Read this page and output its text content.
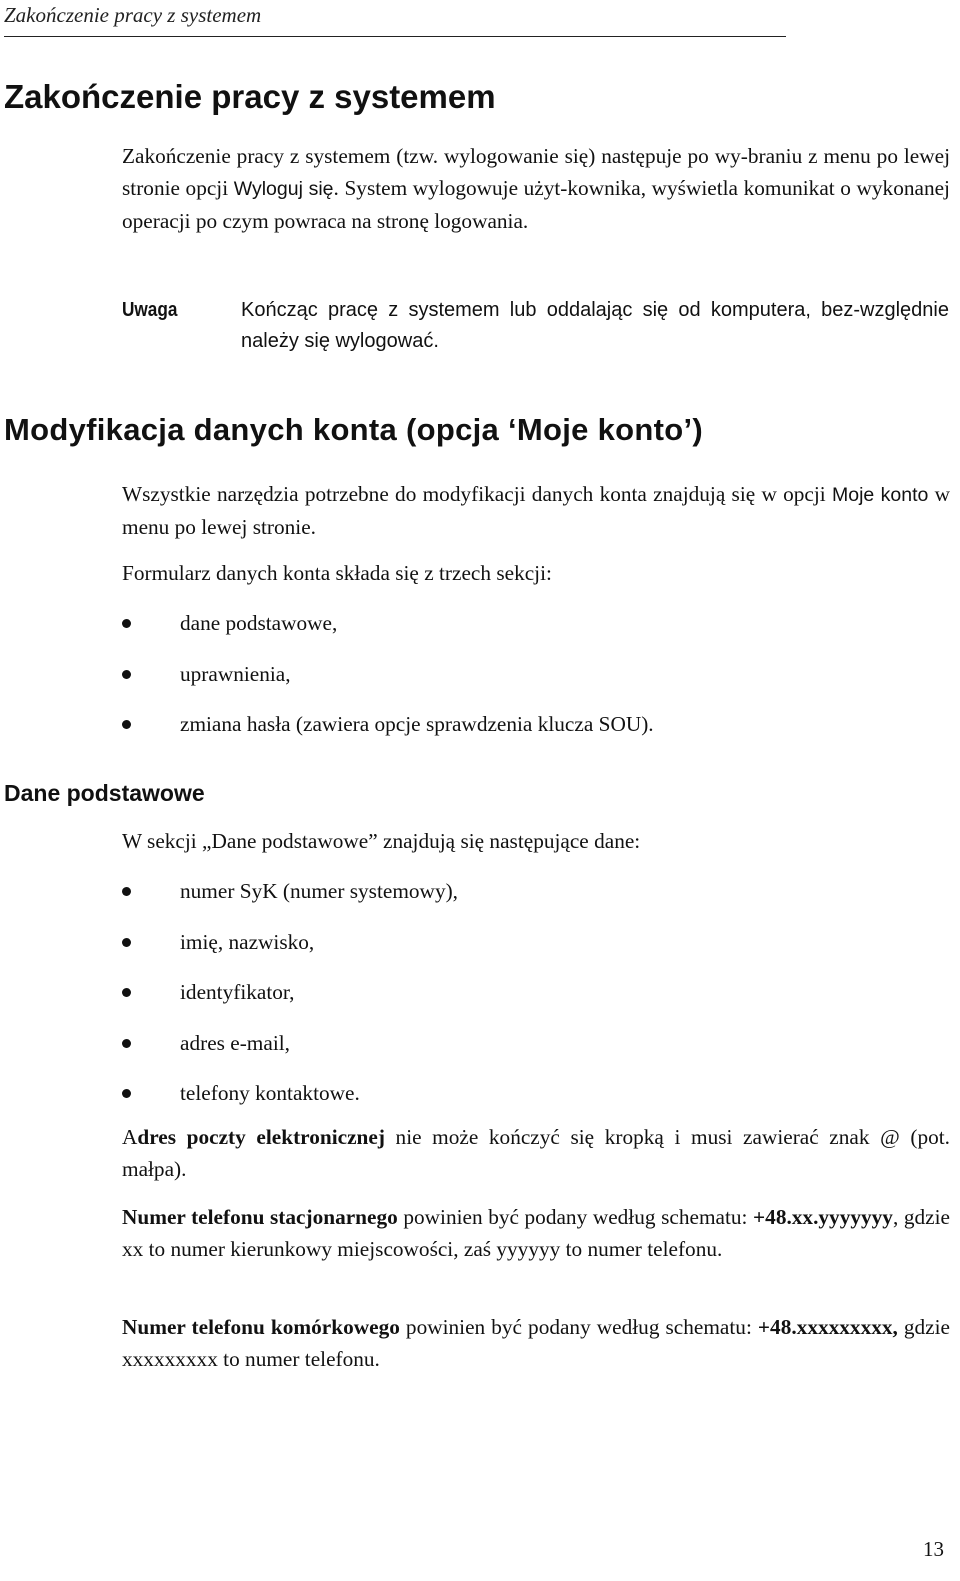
Zakończenie pracy z systemem
Zakończenie pracy z systemem

Zakończenie pracy z systemem (tzw. wylogowanie się) następuje po wy-braniu z menu po lewej stronie opcji Wyloguj się. System wylogowuje użyt-kownika, wyświetla komunikat o wykonanej operacji po czym powraca na stronę logowania.

Uwaga	Kończąc pracę z systemem lub oddalając się od komputera, bez-względnie należy się wylogować.

Modyfikacja danych konta (opcja ‘Moje konto’)

Wszystkie narzędzia potrzebne do modyfikacji danych konta znajdują się w opcji Moje konto w menu po lewej stronie.

Formularz danych konta składa się z trzech sekcji:

dane podstawowe,
uprawnienia,
zmiana hasła (zawiera opcje sprawdzenia klucza SOU).
Dane podstawowe

W sekcji „Dane podstawowe” znajdują się następujące dane:

numer SyK (numer systemowy),
imię, nazwisko,
identyfikator,
adres e-mail,
telefony kontaktowe.

Adres poczty elektronicznej nie może kończyć się kropką i musi zawierać znak @ (pot. małpa).

Numer telefonu stacjonarnego powinien być podany według schematu: +48.xx.yyyyyyy, gdzie xx to numer kierunkowy miejscowości, zaś yyyyyy to numer telefonu.

Numer telefonu komórkowego powinien być podany według schematu: +48.xxxxxxxxx, gdzie xxxxxxxxx to numer telefonu.

13
